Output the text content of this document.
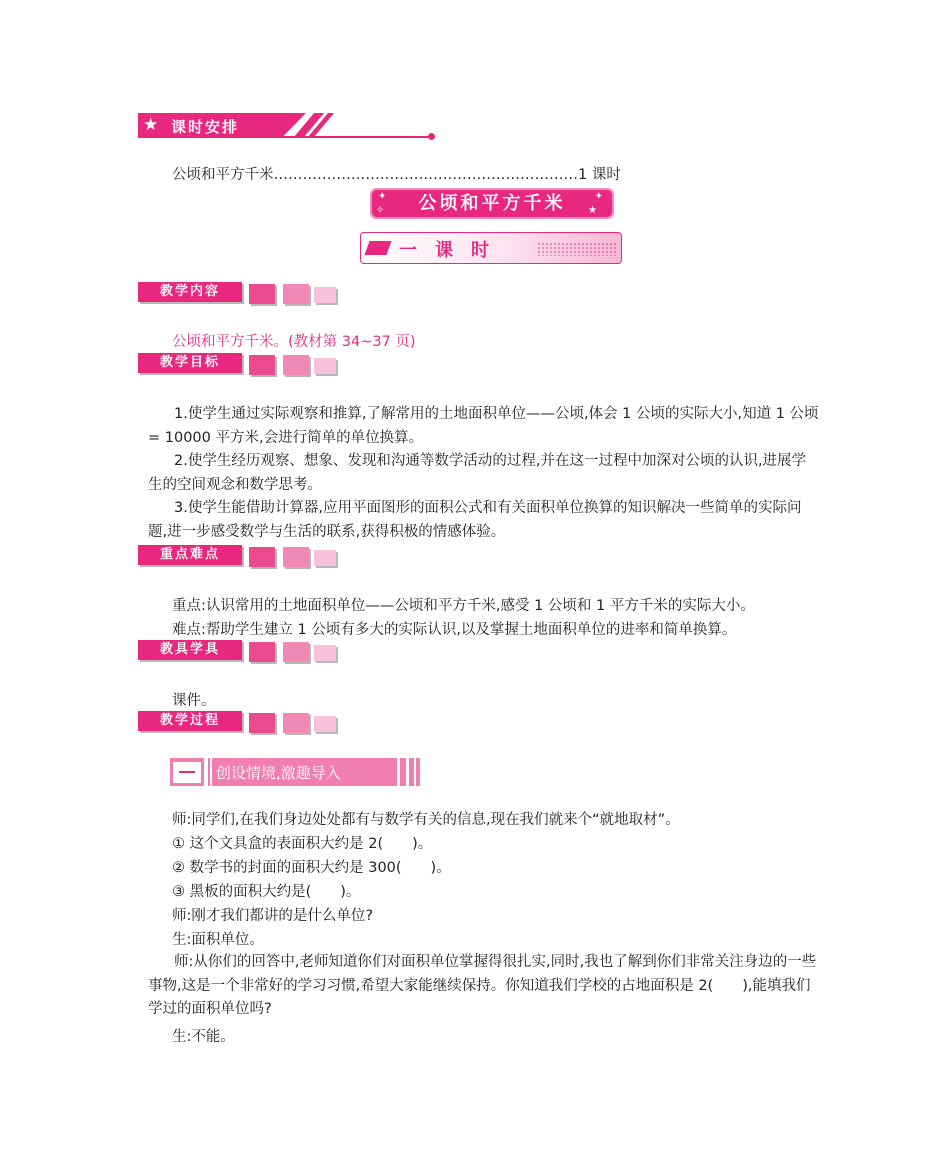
★ 课时安排
公顷和平方千米………………………………………………………1 课时
✦
✧
✦
★
公顷和平方千米
一课时
教学内容
公顷和平方千米。(教材第 34~37 页)
教学目标
1.使学生通过实际观察和推算,了解常用的土地面积单位——公顷,体会 1 公顷的实际大小,知道 1 公顷 = 10000 平方米,会进行简单的单位换算。
2.使学生经历观察、想象、发现和沟通等数学活动的过程,并在这一过程中加深对公顷的认识,进展学生的空间观念和数学思考。
3.使学生能借助计算器,应用平面图形的面积公式和有关面积单位换算的知识解决一些简单的实际问题,进一步感受数学与生活的联系,获得积极的情感体验。
重点难点
重点:认识常用的土地面积单位——公顷和平方千米,感受 1 公顷和 1 平方千米的实际大小。
难点:帮助学生建立 1 公顷有多大的实际认识,以及掌握土地面积单位的进率和简单换算。
教具学具
课件。
教学过程
创设情境,激趣导入
师:同学们,在我们身边处处都有与数学有关的信息,现在我们就来个“就地取材”。
① 这个文具盒的表面积大约是 2(　　)。
② 数学书的封面的面积大约是 300(　　)。
③ 黑板的面积大约是(　　)。
师:刚才我们都讲的是什么单位?
生:面积单位。
师:从你们的回答中,老师知道你们对面积单位掌握得很扎实,同时,我也了解到你们非常关注身边的一些事物,这是一个非常好的学习习惯,希望大家能继续保持。你知道我们学校的占地面积是 2(　　),能填我们学过的面积单位吗?
生:不能。
